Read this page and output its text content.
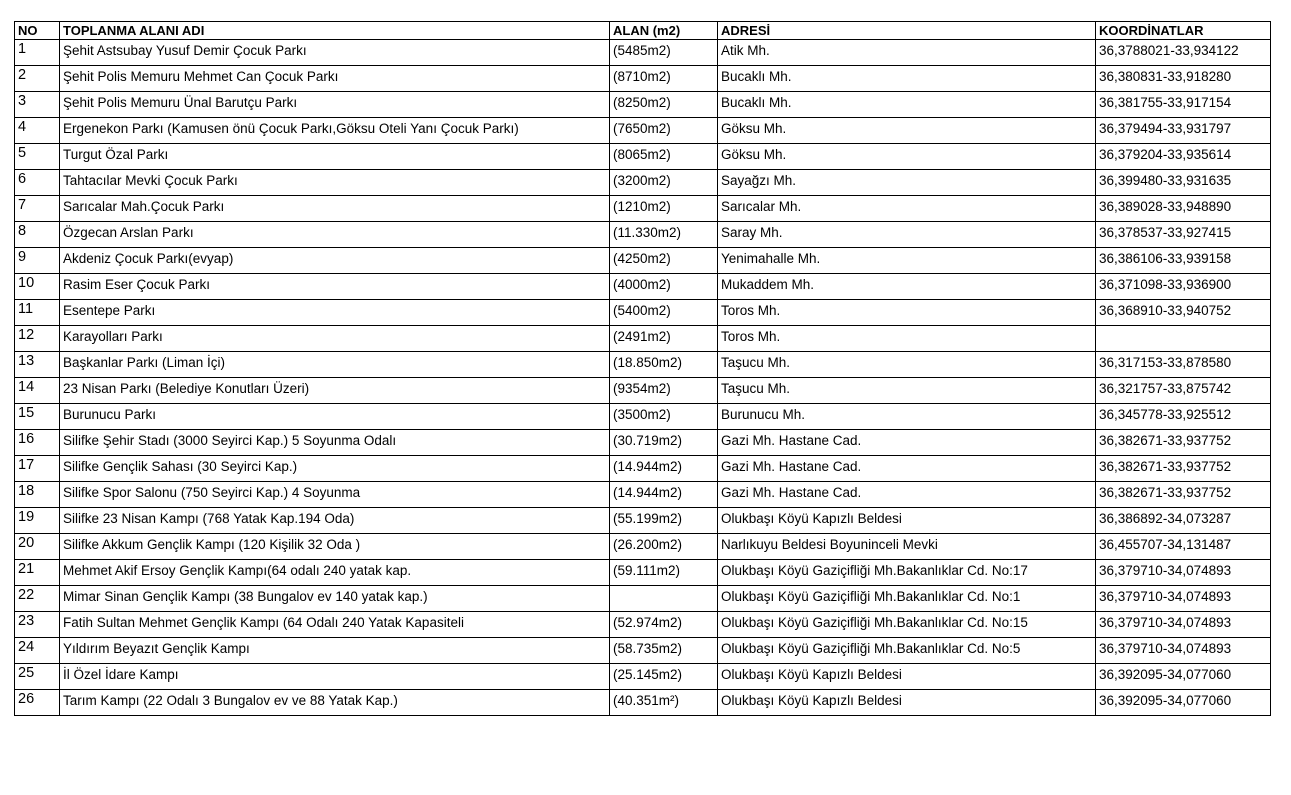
NO	TOPLANMA ALANI ADI	ALAN (m2)	ADRESİ	KOORDİNATLAR
1	Şehit Astsubay Yusuf Demir Çocuk Parkı	(5485m2)	Atik Mh.	36,3788021-33,934122
2	Şehit Polis Memuru Mehmet Can Çocuk Parkı	(8710m2)	Bucaklı Mh.	36,380831-33,918280
3	Şehit Polis Memuru Ünal Barutçu Parkı	(8250m2)	Bucaklı Mh.	36,381755-33,917154
4	Ergenekon Parkı (Kamusen önü Çocuk Parkı,Göksu Oteli Yanı Çocuk Parkı)	(7650m2)	Göksu Mh.	36,379494-33,931797
5	Turgut Özal Parkı	(8065m2)	Göksu Mh.	36,379204-33,935614
6	Tahtacılar Mevki Çocuk Parkı	(3200m2)	Sayağzı Mh.	36,399480-33,931635
7	Sarıcalar Mah.Çocuk Parkı	(1210m2)	Sarıcalar Mh.	36,389028-33,948890
8	Özgecan Arslan Parkı	(11.330m2)	Saray Mh.	36,378537-33,927415
9	Akdeniz Çocuk Parkı(evyap)	(4250m2)	Yenimahalle Mh.	36,386106-33,939158
10	Rasim Eser Çocuk Parkı	(4000m2)	Mukaddem Mh.	36,371098-33,936900
11	Esentepe Parkı	(5400m2)	Toros Mh.	36,368910-33,940752
12	Karayolları Parkı	(2491m2)	Toros Mh.	
13	Başkanlar Parkı (Liman İçi)	(18.850m2)	Taşucu Mh.	36,317153-33,878580
14	23 Nisan Parkı (Belediye Konutları Üzeri)	(9354m2)	Taşucu Mh.	36,321757-33,875742
15	Burunucu Parkı	(3500m2)	Burunucu Mh.	36,345778-33,925512
16	Silifke Şehir Stadı (3000 Seyirci Kap.) 5 Soyunma Odalı	(30.719m2)	Gazi Mh. Hastane Cad.	36,382671-33,937752
17	Silifke Gençlik Sahası (30 Seyirci Kap.)	(14.944m2)	Gazi Mh. Hastane Cad.	36,382671-33,937752
18	Silifke Spor Salonu (750 Seyirci Kap.) 4 Soyunma	(14.944m2)	Gazi Mh. Hastane Cad.	36,382671-33,937752
19	Silifke 23 Nisan Kampı (768 Yatak Kap.194 Oda)	(55.199m2)	Olukbaşı Köyü Kapızlı Beldesi	36,386892-34,073287
20	Silifke Akkum Gençlik Kampı (120 Kişilik 32 Oda )	(26.200m2)	Narlıkuyu Beldesi Boyuninceli Mevki	36,455707-34,131487
21	Mehmet Akif Ersoy Gençlik Kampı(64 odalı 240 yatak kap.	(59.111m2)	Olukbaşı Köyü Gaziçifliği Mh.Bakanlıklar Cd. No:17	36,379710-34,074893
22	Mimar Sinan Gençlik Kampı (38 Bungalov ev 140 yatak kap.)		Olukbaşı Köyü Gaziçifliği Mh.Bakanlıklar Cd. No:1	36,379710-34,074893
23	Fatih Sultan Mehmet Gençlik Kampı (64 Odalı 240 Yatak Kapasiteli	(52.974m2)	Olukbaşı Köyü Gaziçifliği Mh.Bakanlıklar Cd. No:15	36,379710-34,074893
24	Yıldırım Beyazıt Gençlik Kampı	(58.735m2)	Olukbaşı Köyü Gaziçifliği Mh.Bakanlıklar Cd. No:5	36,379710-34,074893
25	İl Özel İdare Kampı	(25.145m2)	Olukbaşı Köyü Kapızlı Beldesi	36,392095-34,077060
26	Tarım Kampı (22 Odalı 3 Bungalov ev ve 88 Yatak Kap.)	(40.351m²)	Olukbaşı Köyü Kapızlı Beldesi	36,392095-34,077060
